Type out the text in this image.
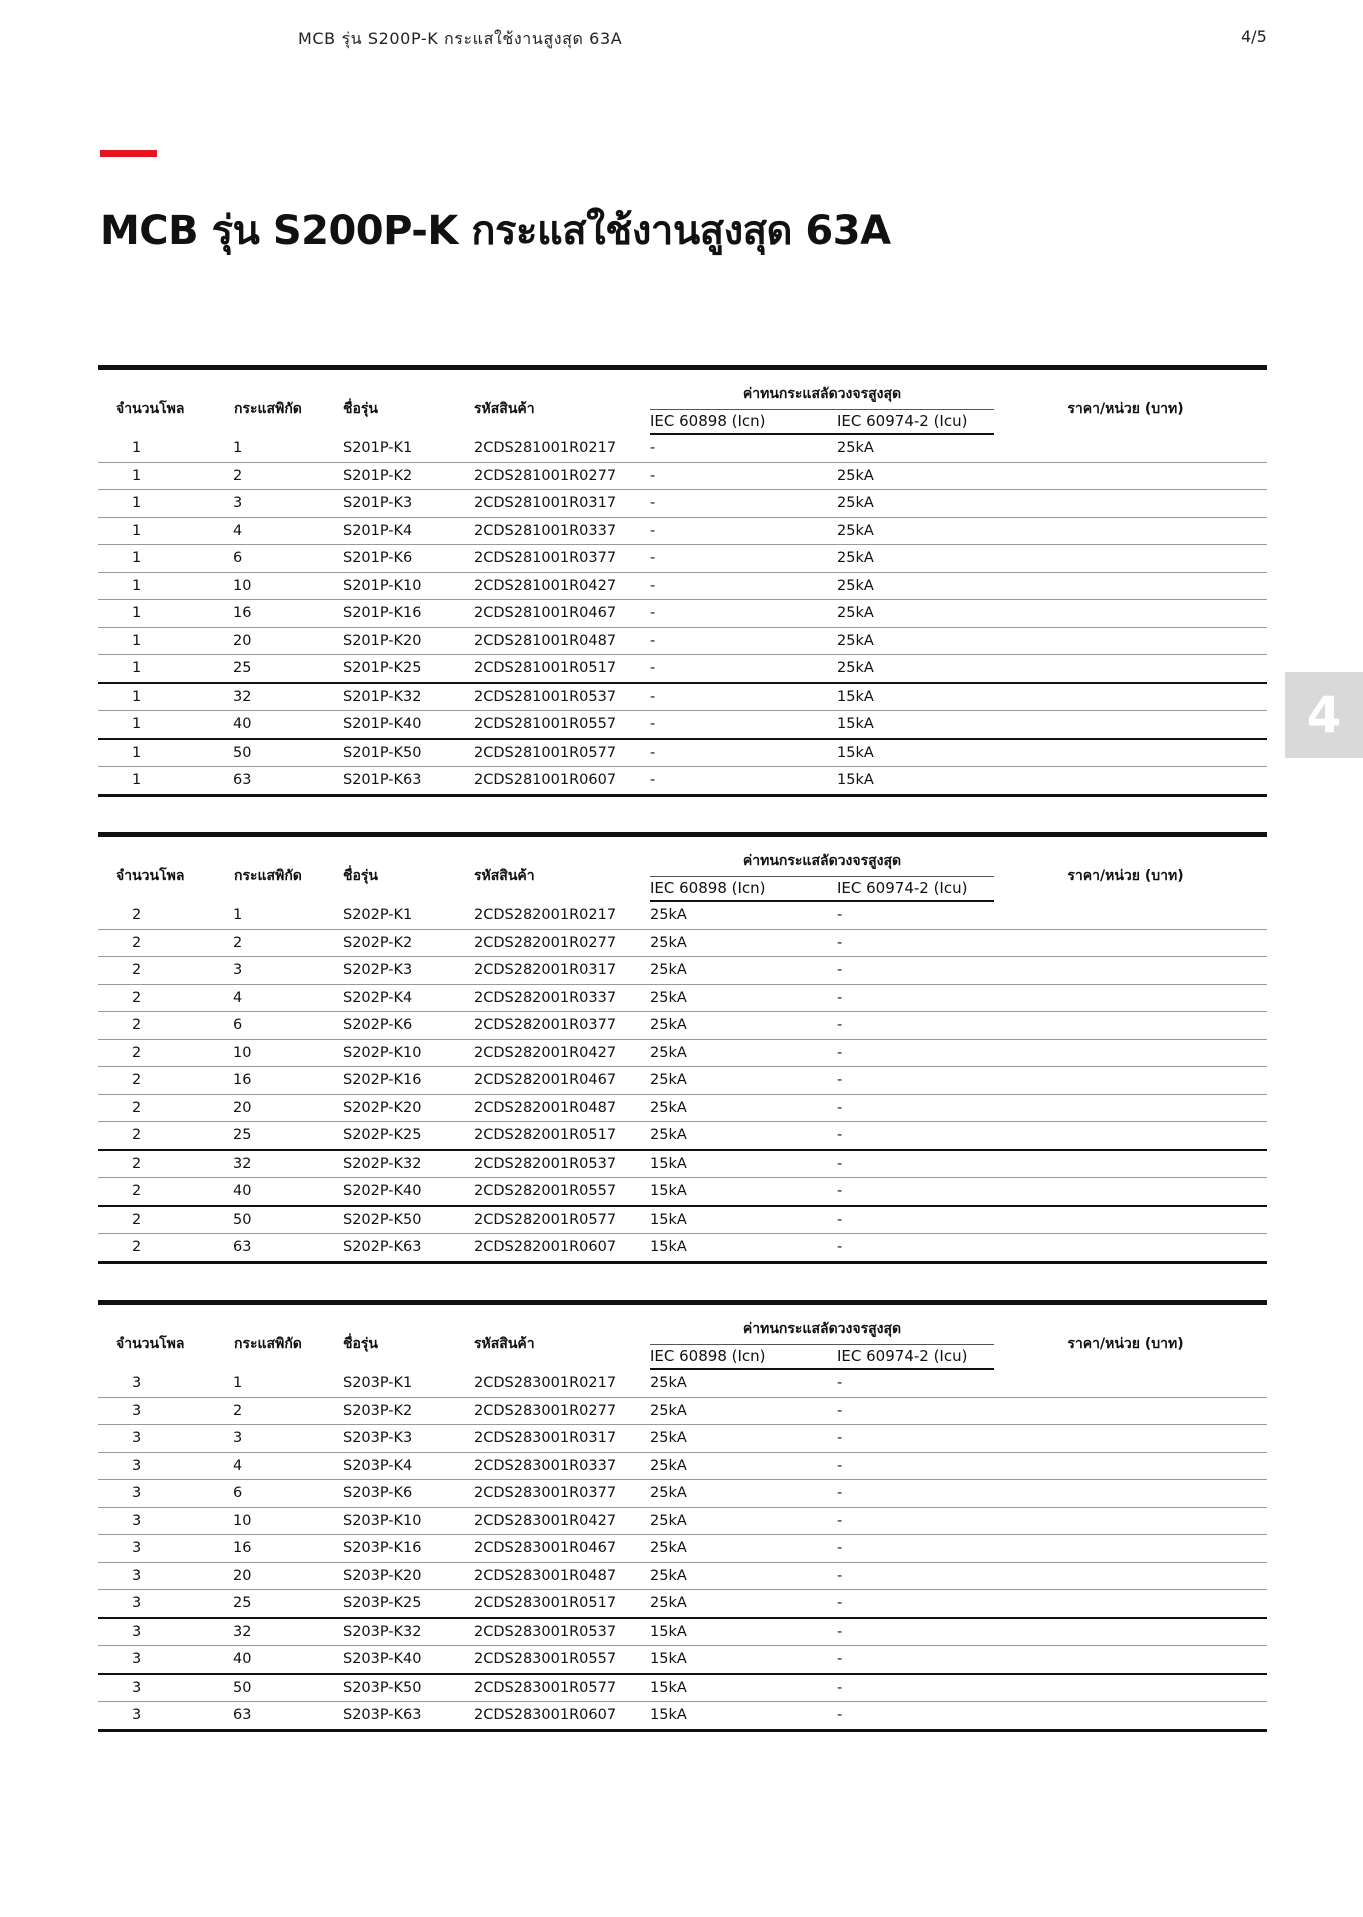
MCB รุ่น S200P-K กระแสใช้งานสูงสุด 63A	4/5
MCB รุ่น S200P-K กระแสใช้งานสูงสุด 63A
4
จำนวนโพล	กระแสพิกัด	ชื่อรุ่น	รหัสสินค้า	ค่าทนกระแสลัดวงจรสูงสุด		ราคา/หน่วย (บาท)
				IEC 60898 (Icn)	IEC 60974-2 (Icu)	
1	1	S201P-K1	2CDS281001R0217	-	25kA	
1	2	S201P-K2	2CDS281001R0277	-	25kA	
1	3	S201P-K3	2CDS281001R0317	-	25kA	
1	4	S201P-K4	2CDS281001R0337	-	25kA	
1	6	S201P-K6	2CDS281001R0377	-	25kA	
1	10	S201P-K10	2CDS281001R0427	-	25kA	
1	16	S201P-K16	2CDS281001R0467	-	25kA	
1	20	S201P-K20	2CDS281001R0487	-	25kA	
1	25	S201P-K25	2CDS281001R0517	-	25kA	
1	32	S201P-K32	2CDS281001R0537	-	15kA	
1	40	S201P-K40	2CDS281001R0557	-	15kA	
1	50	S201P-K50	2CDS281001R0577	-	15kA	
1	63	S201P-K63	2CDS281001R0607	-	15kA	
จำนวนโพล	กระแสพิกัด	ชื่อรุ่น	รหัสสินค้า	ค่าทนกระแสลัดวงจรสูงสุด		ราคา/หน่วย (บาท)
				IEC 60898 (Icn)	IEC 60974-2 (Icu)	
2	1	S202P-K1	2CDS282001R0217	25kA	-	
2	2	S202P-K2	2CDS282001R0277	25kA	-	
2	3	S202P-K3	2CDS282001R0317	25kA	-	
2	4	S202P-K4	2CDS282001R0337	25kA	-	
2	6	S202P-K6	2CDS282001R0377	25kA	-	
2	10	S202P-K10	2CDS282001R0427	25kA	-	
2	16	S202P-K16	2CDS282001R0467	25kA	-	
2	20	S202P-K20	2CDS282001R0487	25kA	-	
2	25	S202P-K25	2CDS282001R0517	25kA	-	
2	32	S202P-K32	2CDS282001R0537	15kA	-	
2	40	S202P-K40	2CDS282001R0557	15kA	-	
2	50	S202P-K50	2CDS282001R0577	15kA	-	
2	63	S202P-K63	2CDS282001R0607	15kA	-	
จำนวนโพล	กระแสพิกัด	ชื่อรุ่น	รหัสสินค้า	ค่าทนกระแสลัดวงจรสูงสุด		ราคา/หน่วย (บาท)
				IEC 60898 (Icn)	IEC 60974-2 (Icu)	
3	1	S203P-K1	2CDS283001R0217	25kA	-	
3	2	S203P-K2	2CDS283001R0277	25kA	-	
3	3	S203P-K3	2CDS283001R0317	25kA	-	
3	4	S203P-K4	2CDS283001R0337	25kA	-	
3	6	S203P-K6	2CDS283001R0377	25kA	-	
3	10	S203P-K10	2CDS283001R0427	25kA	-	
3	16	S203P-K16	2CDS283001R0467	25kA	-	
3	20	S203P-K20	2CDS283001R0487	25kA	-	
3	25	S203P-K25	2CDS283001R0517	25kA	-	
3	32	S203P-K32	2CDS283001R0537	15kA	-	
3	40	S203P-K40	2CDS283001R0557	15kA	-	
3	50	S203P-K50	2CDS283001R0577	15kA	-	
3	63	S203P-K63	2CDS283001R0607	15kA	-	
